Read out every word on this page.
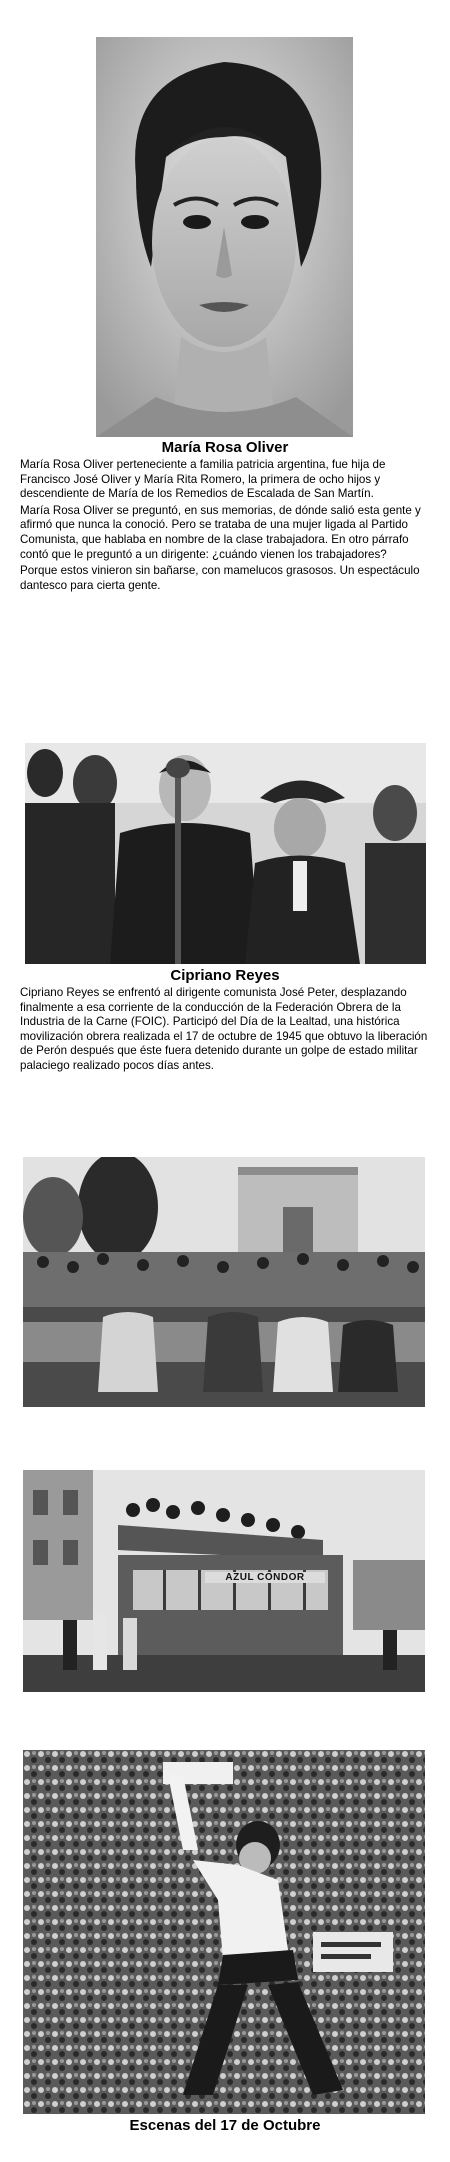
María Rosa Oliver

María Rosa Oliver perteneciente a familia patricia argentina, fue hija de Francisco José Oliver y María Rita Romero, la primera de ocho hijos y descendiente de María de los Remedios de Escalada de San Martín.

María Rosa Oliver se preguntó, en sus memorias, de dónde salió esta gente y afirmó que nunca la conoció. Pero se trataba de una mujer ligada al Partido Comunista, que hablaba en nombre de la clase trabajadora. En otro párrafo contó que le preguntó a un dirigente: ¿cuándo vienen los trabajadores?

Porque estos vinieron sin bañarse, con mamelucos grasosos. Un espectáculo dantesco para cierta gente.

Cipriano Reyes

Cipriano Reyes se enfrentó al dirigente comunista José Peter, desplazando finalmente a esa corriente de la conducción de la Federación Obrera de la Industria de la Carne (FOIC). Participó del Día de la Lealtad, una histórica movilización obrera realizada el 17 de octubre de 1945 que obtuvo la liberación de Perón después que éste fuera detenido durante un golpe de estado militar palaciego realizado pocos días antes.

AZUL CONDOR
Escenas del 17 de Octubre
